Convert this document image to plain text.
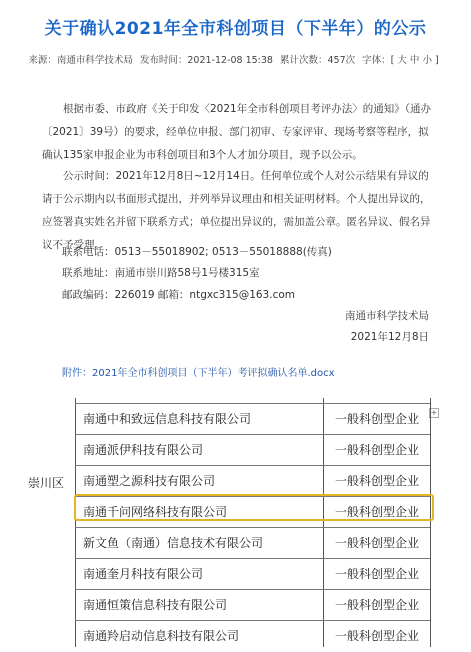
关于确认2021年全市科创项目（下半年）的公示
来源：南通市科学技术局 发布时间：2021-12-08 15:38 累计次数：457次 字体：[ 大 中 小 ]
根据市委、市政府《关于印发〈2021年全市科创项目考评办法〉的通知》（通办〔2021〕39号）的要求，经单位申报、部门初审、专家评审、现场考察等程序，拟确认135家申报企业为市科创项目和3个人才加分项目，现予以公示。
公示时间：2021年12月8日~12月14日。任何单位或个人对公示结果有异议的请于公示期内以书面形式提出，并列举异议理由和相关证明材料。个人提出异议的，应签署真实姓名并留下联系方式；单位提出异议的，需加盖公章。匿名异议、假名异议不予受理。
联系电话：0513－55018902; 0513－55018888(传真)
联系地址：南通市崇川路58号1号楼315室
邮政编码：226019 邮箱：ntgxc315@163.com
南通市科学技术局
2021年12月8日
附件：2021年全市科创项目（下半年）考评拟确认名单.docx
+
崇川区
南通中和致远信息科技有限公司	一般科创型企业
南通派伊科技有限公司	一般科创型企业
南通塑之源科技有限公司	一般科创型企业
南通千问网络科技有限公司	一般科创型企业
新文鱼（南通）信息技术有限公司	一般科创型企业
南通奎月科技有限公司	一般科创型企业
南通恒策信息科技有限公司	一般科创型企业
南通羚启动信息科技有限公司	一般科创型企业
